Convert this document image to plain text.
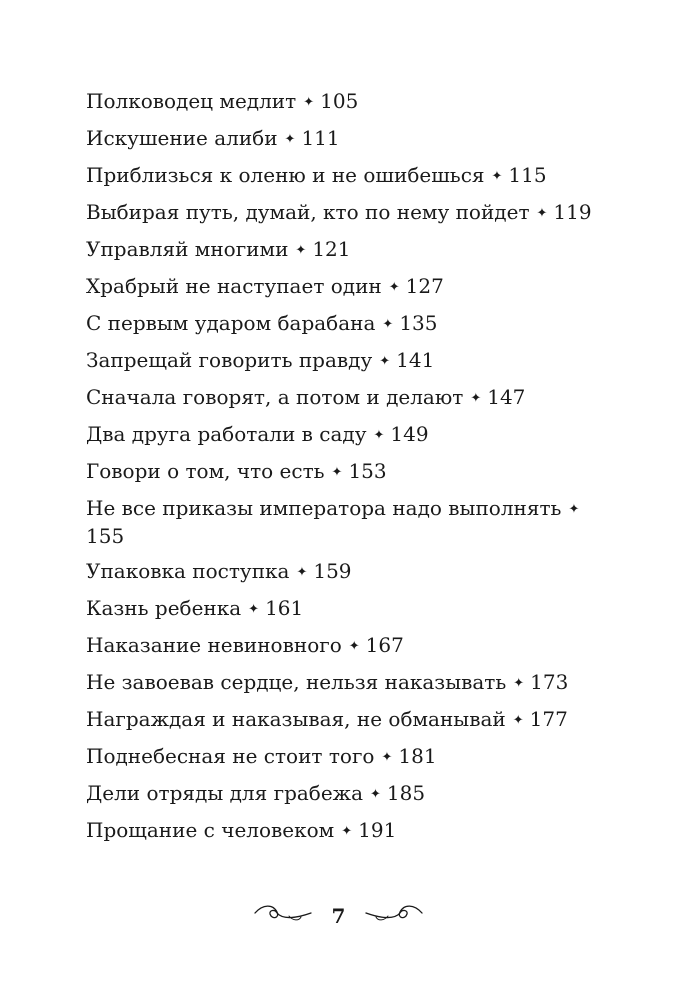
Полководец медлит ✦ 105
Искушение алиби ✦ 111
Приблизься к оленю и не ошибешься ✦ 115
Выбирая путь, думай, кто по нему пойдет ✦ 119
Управляй многими ✦ 121
Храбрый не наступает один ✦ 127
С первым ударом барабана ✦ 135
Запрещай говорить правду ✦ 141
Сначала говорят, а потом и делают ✦ 147
Два друга работали в саду ✦ 149
Говори о том, что есть ✦ 153
Не все приказы императора надо выполнять ✦155
Упаковка поступка ✦ 159
Казнь ребенка ✦ 161
Наказание невиновного ✦ 167
Не завоевав сердце, нельзя наказывать ✦ 173
Награждая и наказывая, не обманывай ✦ 177
Поднебесная не стоит того ✦ 181
Дели отряды для грабежа ✦ 185
Прощание с человеком ✦ 191
7
